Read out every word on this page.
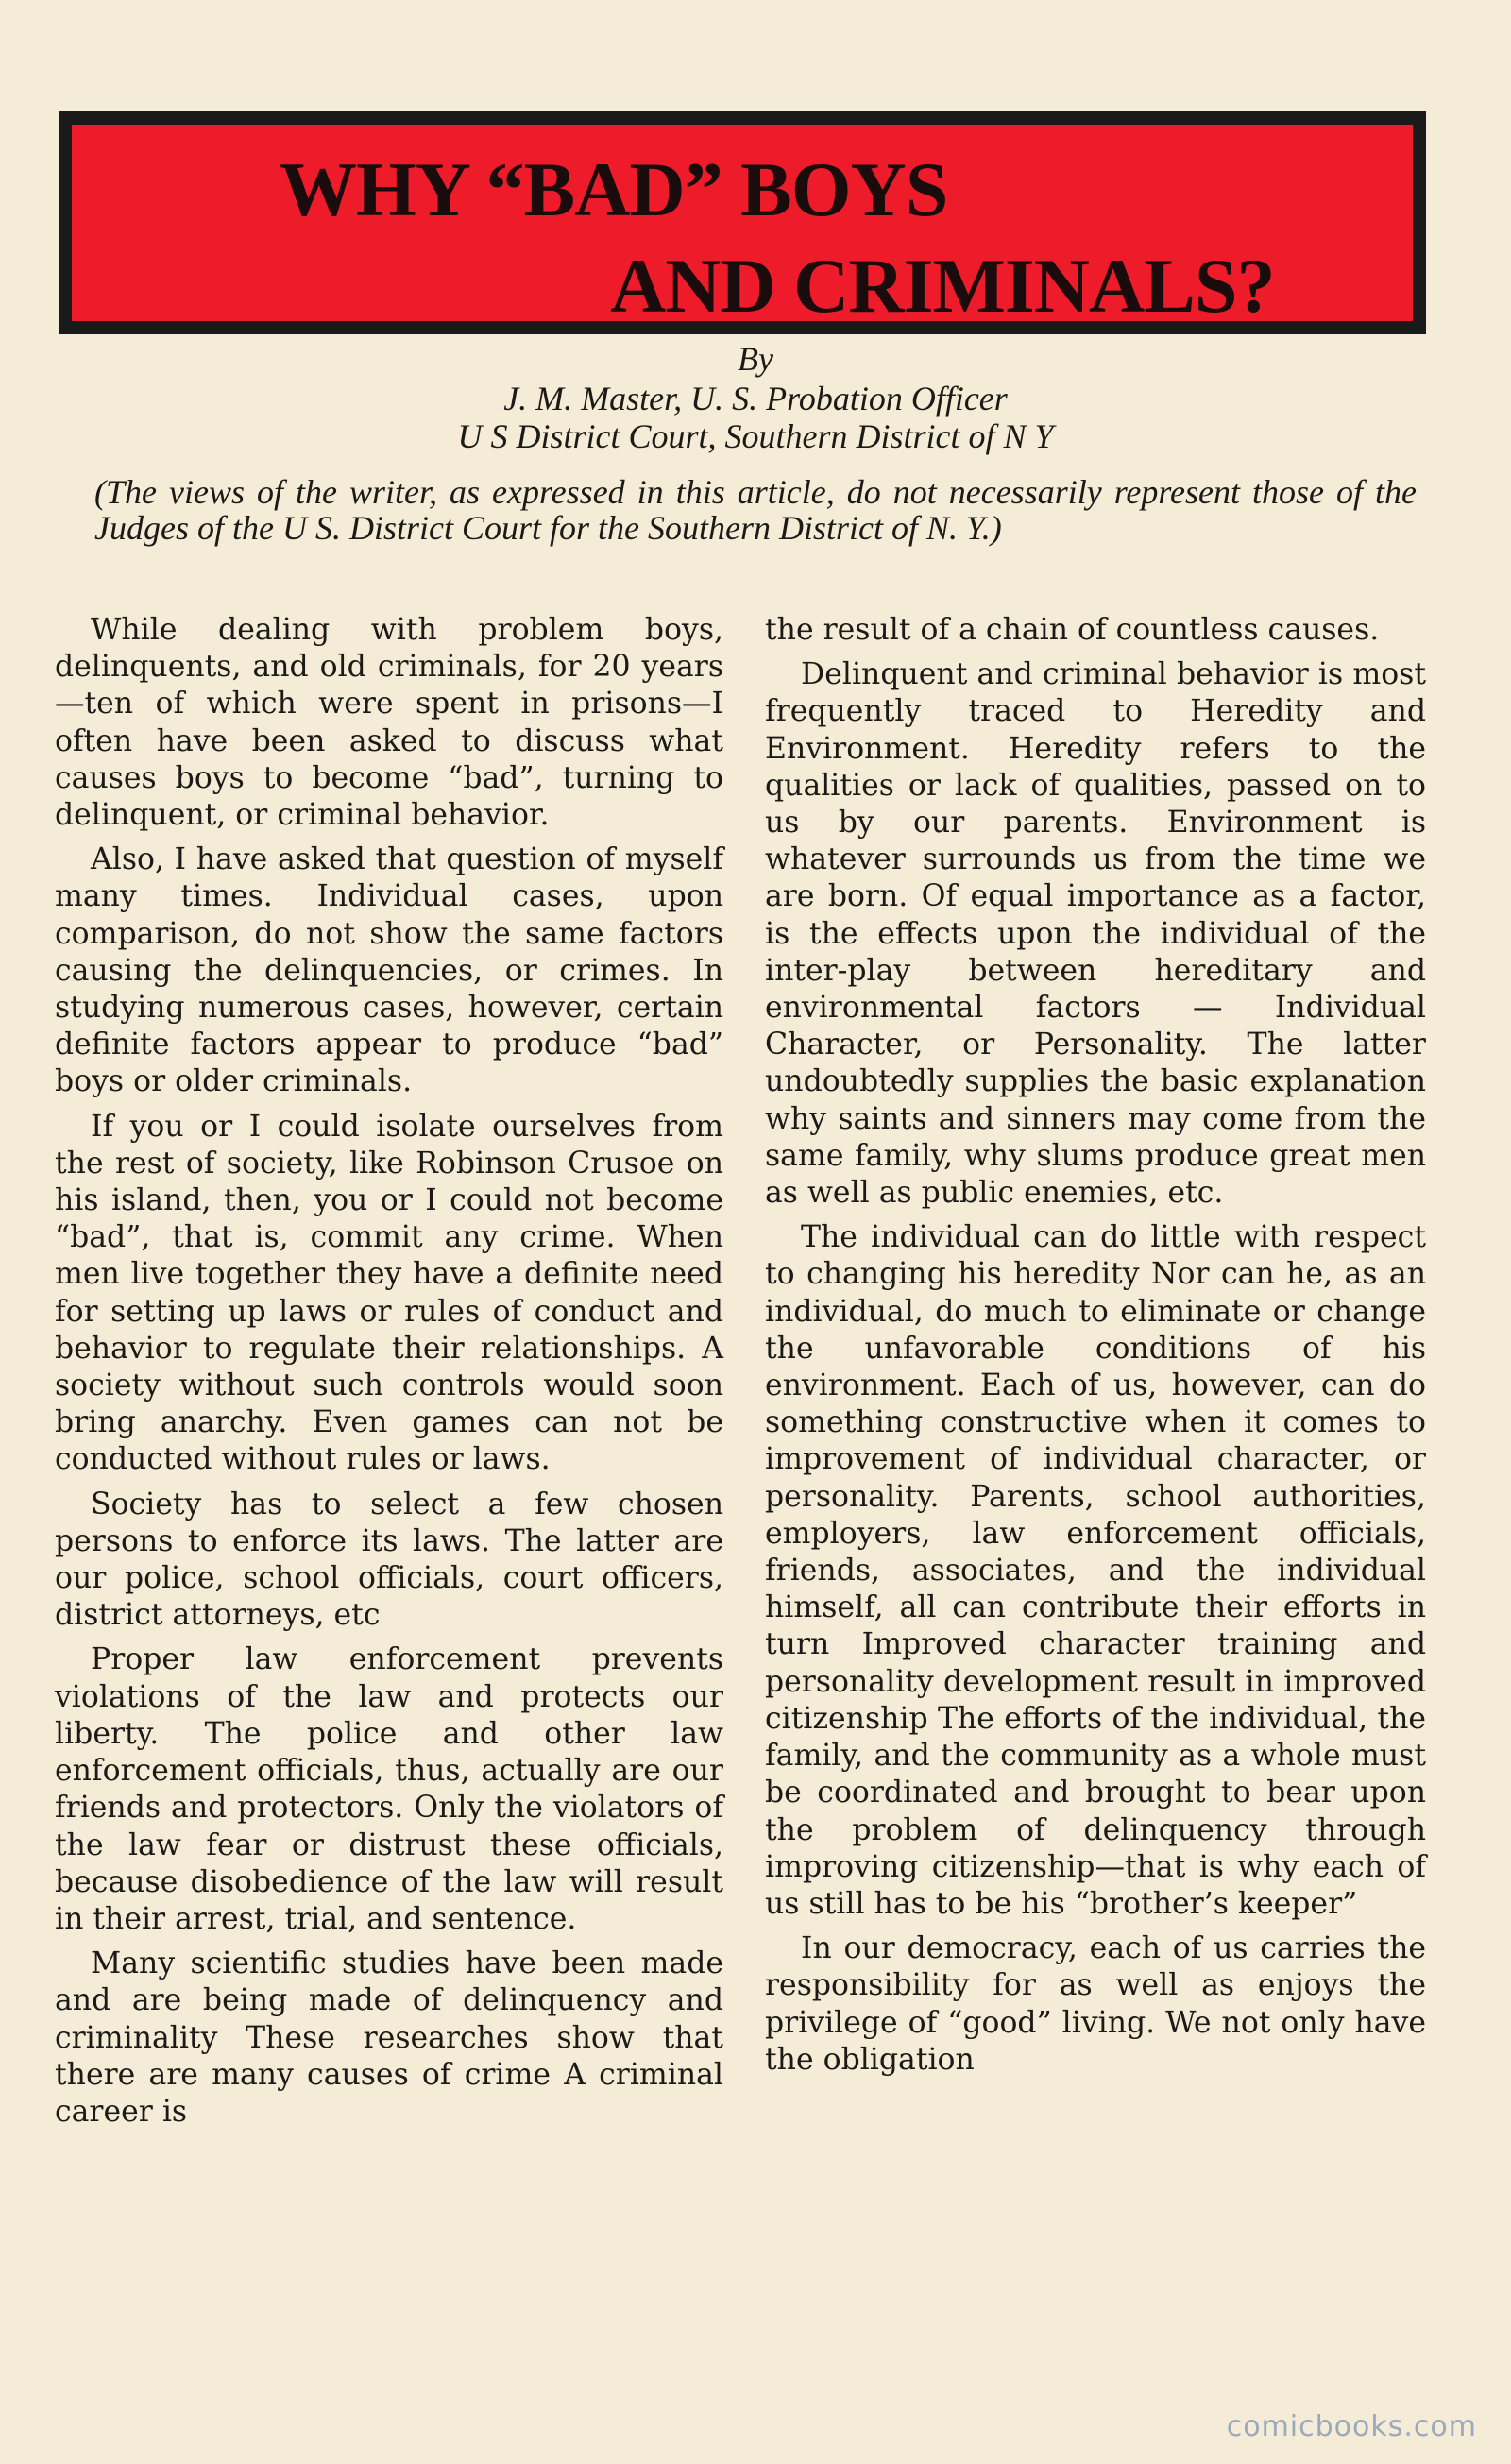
WHY “BAD” BOYS
AND CRIMINALS?
By
J. M. Master, U. S. Probation Officer
U S District Court, Southern District of N Y
(The views of the writer, as expressed in this article, do not necessarily represent those of the Judges of the U S. District Court for the Southern District of N. Y.)

While dealing with problem boys, delinquents, and old criminals, for 20 years—ten of which were spent in prisons—I often have been asked to discuss what causes boys to become “bad”, turning to delinquent, or criminal behavior.

Also, I have asked that question of myself many times. Individual cases, upon comparison, do not show the same factors causing the delinquencies, or crimes. In studying numerous cases, however, certain definite factors appear to produce “bad” boys or older criminals.

If you or I could isolate ourselves from the rest of society, like Robinson Crusoe on his island, then, you or I could not become “bad”, that is, commit any crime. When men live together they have a definite need for setting up laws or rules of conduct and behavior to regulate their relationships. A society without such controls would soon bring anarchy. Even games can not be conducted without rules or laws.

Society has to select a few chosen persons to enforce its laws. The latter are our police, school officials, court officers, district attorneys, etc

Proper law enforcement prevents violations of the law and protects our liberty. The police and other law enforcement officials, thus, actually are our friends and protectors. Only the violators of the law fear or distrust these officials, because disobedience of the law will result in their arrest, trial, and sentence.

Many scientific studies have been made and are being made of delinquency and criminality These researches show that there are many causes of crime A criminal career is

the result of a chain of countless causes.

Delinquent and criminal behavior is most frequently traced to Heredity and Environment. Heredity refers to the qualities or lack of qualities, passed on to us by our parents. Environment is whatever surrounds us from the time we are born. Of equal importance as a factor, is the effects upon the individual of the inter-play between hereditary and environmental factors — Individual Character, or Personality. The latter undoubtedly supplies the basic explanation why saints and sinners may come from the same family, why slums produce great men as well as public enemies, etc.

The individual can do little with respect to changing his heredity Nor can he, as an individual, do much to eliminate or change the unfavorable conditions of his environment. Each of us, however, can do something constructive when it comes to improvement of individual character, or personality. Parents, school authorities, employers, law enforcement officials, friends, associates, and the individual himself, all can contribute their efforts in turn Improved character training and personality development result in improved citizenship The efforts of the individual, the family, and the community as a whole must be coordinated and brought to bear upon the problem of delinquency through improving citizenship—that is why each of us still has to be his “brother’s keeper”

In our democracy, each of us carries the responsibility for as well as enjoys the privilege of “good” living. We not only have the obligation

comicbooks.com
